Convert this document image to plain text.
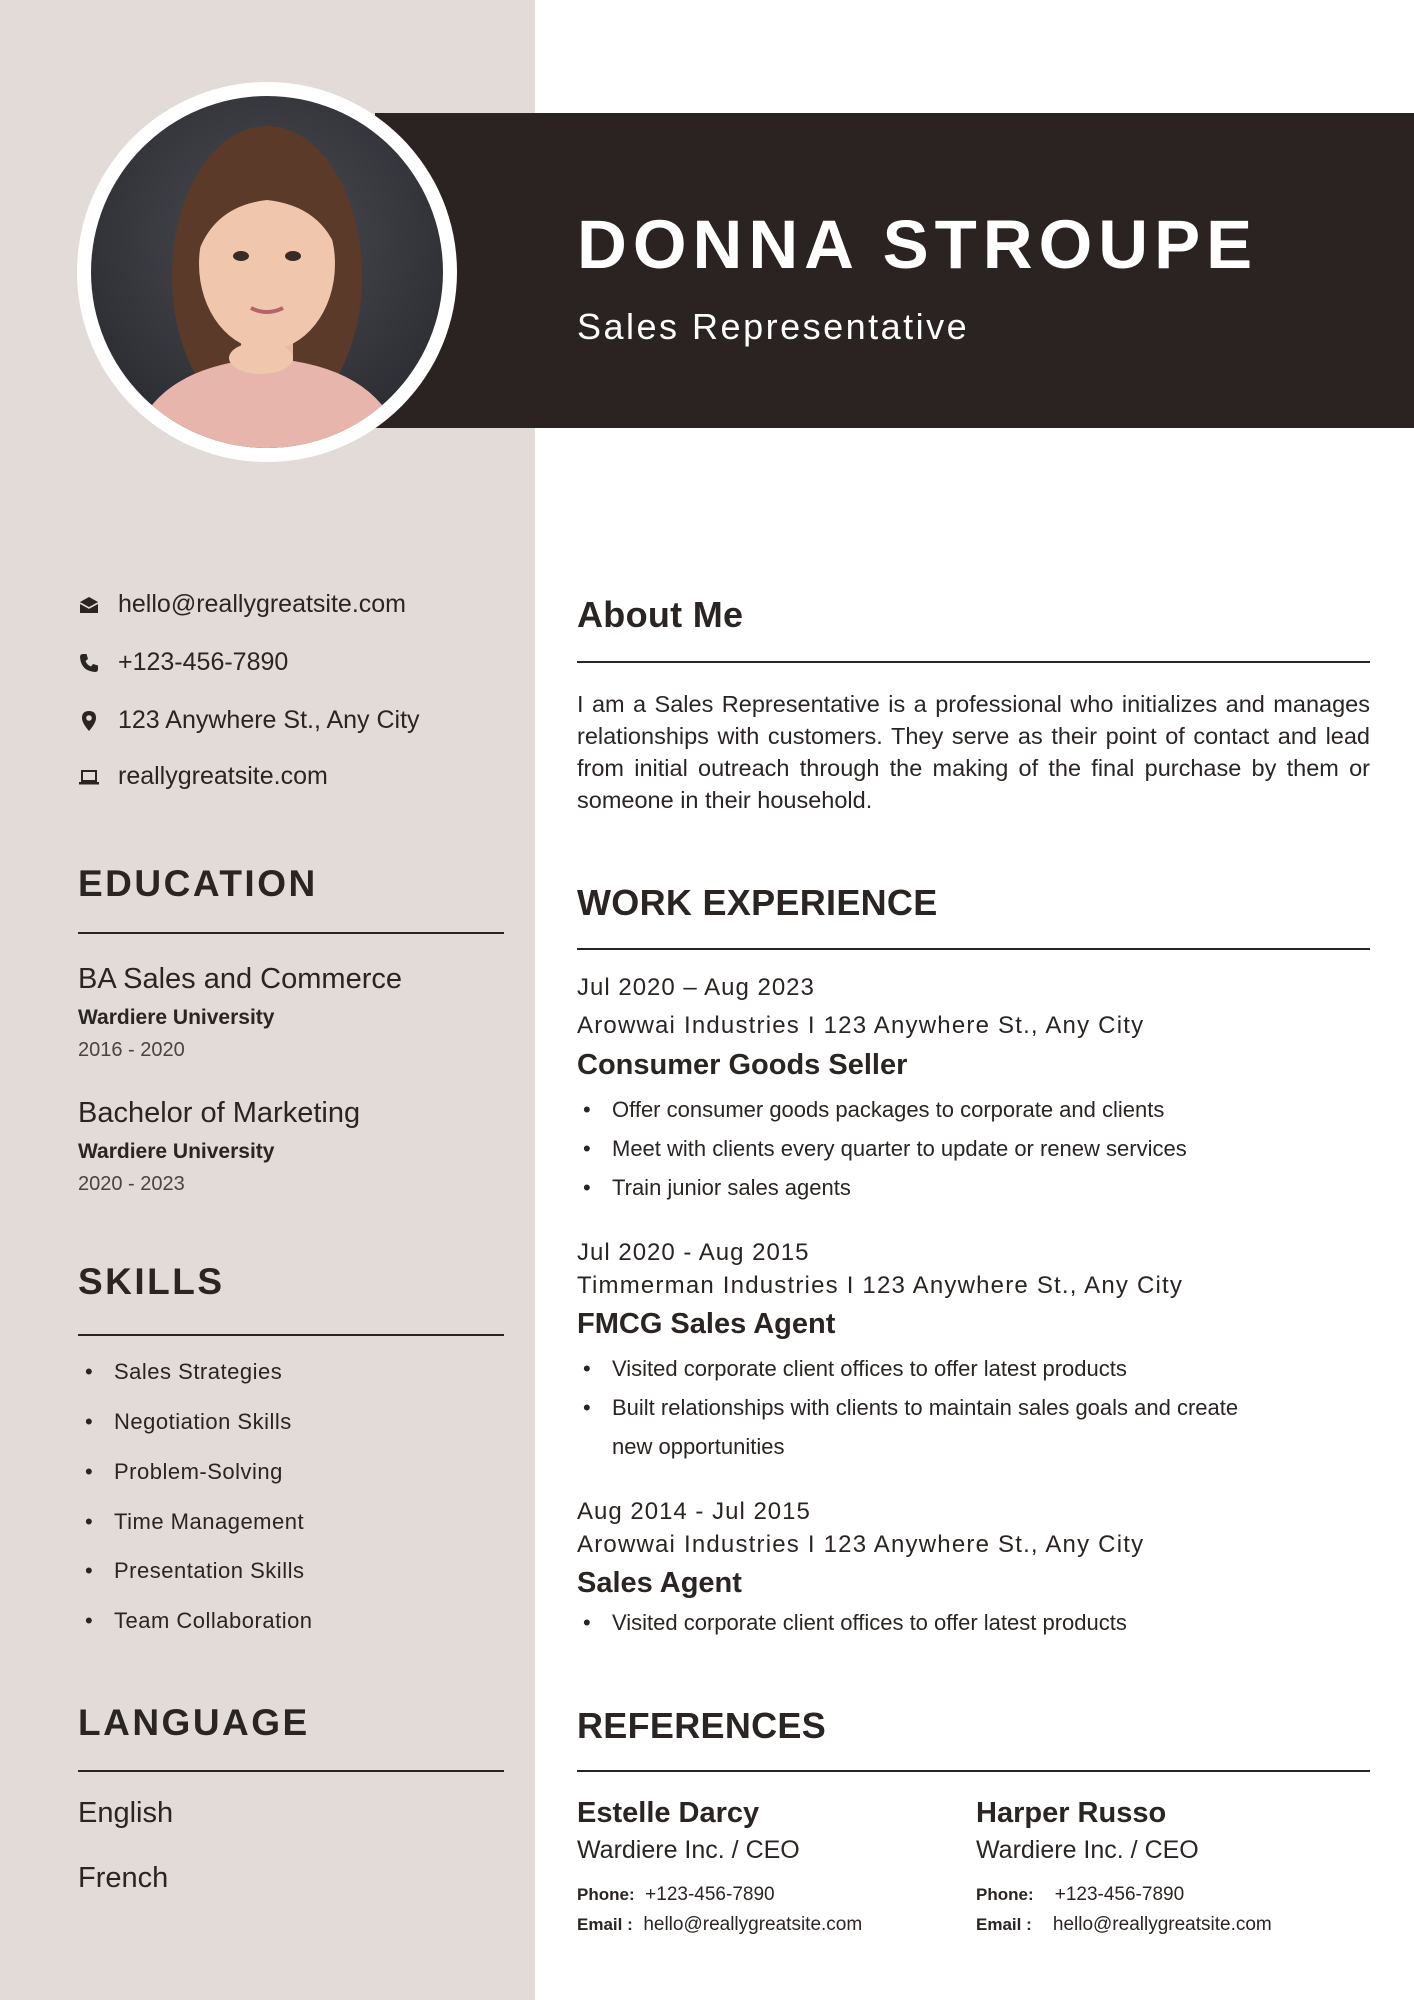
DONNA STROUPE
Sales Representative
hello@reallygreatsite.com
+123-456-7890
123 Anywhere St., Any City
reallygreatsite.com
EDUCATION
BA Sales and Commerce
Wardiere University
2016 - 2020
Bachelor of Marketing
Wardiere University
2020 - 2023
SKILLS
• Sales Strategies
• Negotiation Skills
• Problem-Solving
• Time Management
• Presentation Skills
• Team Collaboration
LANGUAGE
English
French
About Me
I am a Sales Representative is a professional who initializes and manages relationships with customers. They serve as their point of contact and lead from initial outreach through the making of the final purchase by them or someone in their household.
WORK EXPERIENCE
Jul 2020 – Aug 2023
Arowwai Industries I 123 Anywhere St., Any City
Consumer Goods Seller
• Offer consumer goods packages to corporate and clients
• Meet with clients every quarter to update or renew services
• Train junior sales agents
Jul 2020 - Aug 2015
Timmerman Industries I 123 Anywhere St., Any City
FMCG Sales Agent
• Visited corporate client offices to offer latest products
• Built relationships with clients to maintain sales goals and create
new opportunities
Aug 2014 - Jul 2015
Arowwai Industries I 123 Anywhere St., Any City
Sales Agent
• Visited corporate client offices to offer latest products
REFERENCES
Estelle Darcy
Wardiere Inc. / CEO
Phone: +123-456-7890
Email : hello@reallygreatsite.com
Harper Russo
Wardiere Inc. / CEO
Phone: +123-456-7890
Email : hello@reallygreatsite.com
